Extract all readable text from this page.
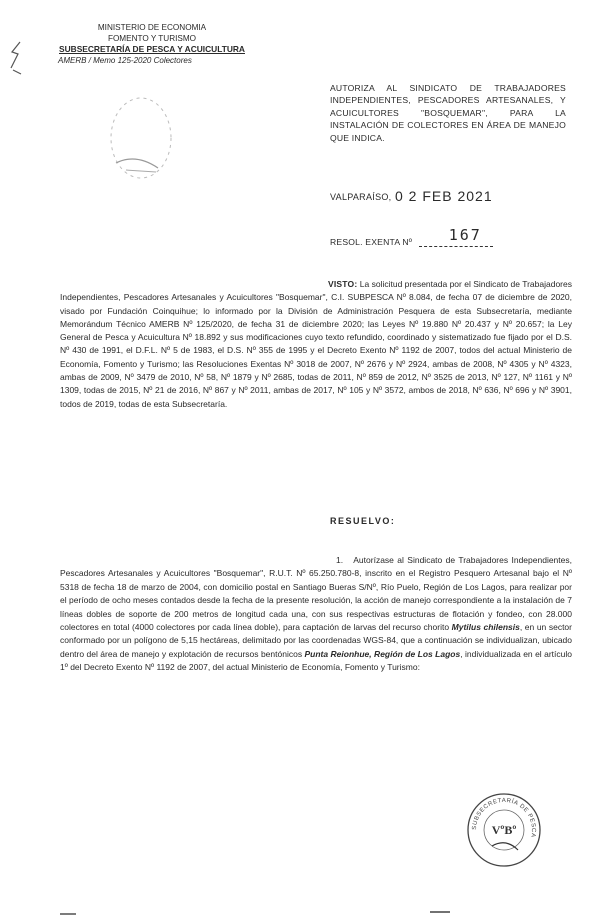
MINISTERIO DE ECONOMIA
FOMENTO Y TURISMO
SUBSECRETARÍA DE PESCA Y ACUICULTURA
AMERB / Memo 125-2020 Colectores
AUTORIZA AL SINDICATO DE TRABAJADORES INDEPENDIENTES, PESCADORES ARTESANALES, Y ACUICULTORES "BOSQUEMAR", PARA LA INSTALACIÓN DE COLECTORES EN ÁREA DE MANEJO QUE INDICA.
VALPARAÍSO, 0 2 FEB 2021
RESOL. EXENTA Nº 167
VISTO: La solicitud presentada por el Sindicato de Trabajadores Independientes, Pescadores Artesanales y Acuicultores "Bosquemar", C.I. SUBPESCA Nº 8.084, de fecha 07 de diciembre de 2020, visado por Fundación Coinquihue; lo informado por la División de Administración Pesquera de esta Subsecretaría, mediante Memorándum Técnico AMERB Nº 125/2020, de fecha 31 de diciembre 2020; las Leyes Nº 19.880 Nº 20.437 y Nº 20.657; la Ley General de Pesca y Acuicultura Nº 18.892 y sus modificaciones cuyo texto refundido, coordinado y sistematizado fue fijado por el D.S. Nº 430 de 1991, el D.F.L. Nº 5 de 1983, el D.S. Nº 355 de 1995 y el Decreto Exento Nº 1192 de 2007, todos del actual Ministerio de Economía, Fomento y Turismo; las Resoluciones Exentas Nº 3018 de 2007, Nº 2676 y Nº 2924, ambas de 2008, Nº 4305 y Nº 4323, ambas de 2009, Nº 3479 de 2010, Nº 58, Nº 1879 y Nº 2685, todas de 2011, Nº 859 de 2012, Nº 3525 de 2013, Nº 127, Nº 1161 y Nº 1309, todas de 2015, Nº 21 de 2016, Nº 867 y Nº 2011, ambas de 2017, Nº 105 y Nº 3572, ambos de 2018, Nº 636, Nº 696 y Nº 3901, todos de 2019, todas de esta Subsecretaría.
RESUELVO:
1. Autorízase al Sindicato de Trabajadores Independientes, Pescadores Artesanales y Acuicultores "Bosquemar", R.U.T. Nº 65.250.780-8, inscrito en el Registro Pesquero Artesanal bajo el Nº 5318 de fecha 18 de marzo de 2004, con domicilio postal en Santiago Bueras S/Nº, Río Puelo, Región de Los Lagos, para realizar por el período de ocho meses contados desde la fecha de la presente resolución, la acción de manejo correspondiente a la instalación de 7 líneas dobles de soporte de 200 metros de longitud cada una, con sus respectivas estructuras de flotación y fondeo, con 28.000 colectores en total (4000 colectores por cada línea doble), para captación de larvas del recurso chorito Mytilus chilensis, en un sector conformado por un polígono de 5,15 hectáreas, delimitado por las coordenadas WGS-84, que a continuación se individualizan, ubicado dentro del área de manejo y explotación de recursos bentónicos Punta Reionhue, Región de Los Lagos, individualizada en el artículo 1º del Decreto Exento Nº 1192 de 2007, del actual Ministerio de Economía, Fomento y Turismo:
SUBSECRETARÍA DE PESCA
VºBº
